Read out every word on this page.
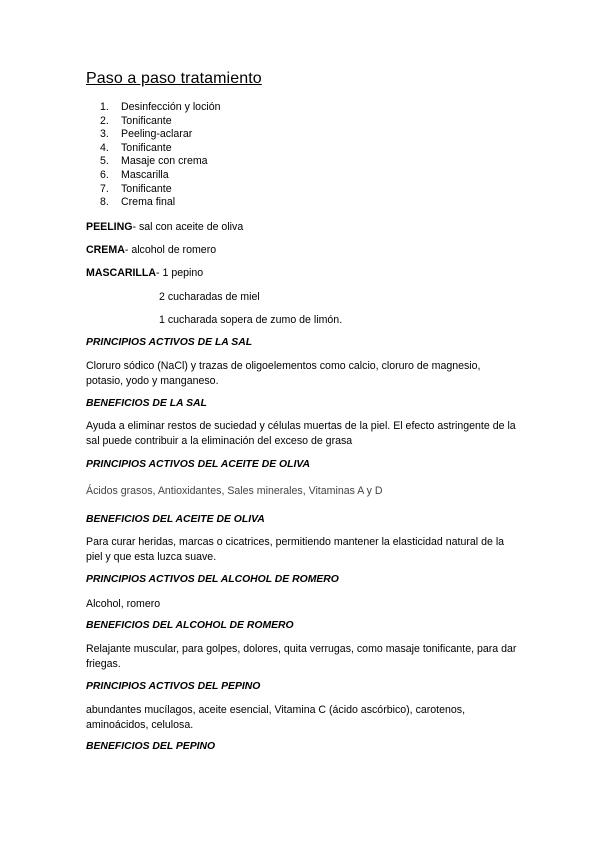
Paso a paso tratamiento
1.	Desinfección y loción
2.	Tonificante
3.	Peeling-aclarar
4.	Tonificante
5.	Masaje con crema
6.	Mascarilla
7.	Tonificante
8.	Crema final
PEELING- sal con aceite de oliva
CREMA- alcohol de romero
MASCARILLA- 1 pepino
2 cucharadas de miel
1 cucharada sopera de zumo de limón.
PRINCIPIOS ACTIVOS DE LA SAL

Cloruro sódico (NaCl) y trazas de oligoelementos como calcio, cloruro de magnesio, potasio, yodo y manganeso.

BENEFICIOS DE LA SAL

Ayuda a eliminar restos de suciedad y células muertas de la piel. El efecto astringente de la sal puede contribuir a la eliminación del exceso de grasa

PRINCIPIOS ACTIVOS DEL ACEITE DE OLIVA

Ácidos grasos, Antioxidantes, Sales minerales, Vitaminas A y D

BENEFICIOS DEL ACEITE DE OLIVA

Para curar heridas, marcas o cicatrices, permitiendo mantener la elasticidad natural de la piel y que esta luzca suave.

PRINCIPIOS ACTIVOS DEL ALCOHOL DE ROMERO

Alcohol, romero

BENEFICIOS DEL ALCOHOL DE ROMERO

Relajante muscular, para golpes, dolores, quita verrugas, como masaje tonificante, para dar friegas.

PRINCIPIOS ACTIVOS DEL PEPINO

abundantes mucílagos, aceite esencial, Vitamina C (ácido ascórbico), carotenos, aminoácidos, celulosa.

BENEFICIOS DEL PEPINO
